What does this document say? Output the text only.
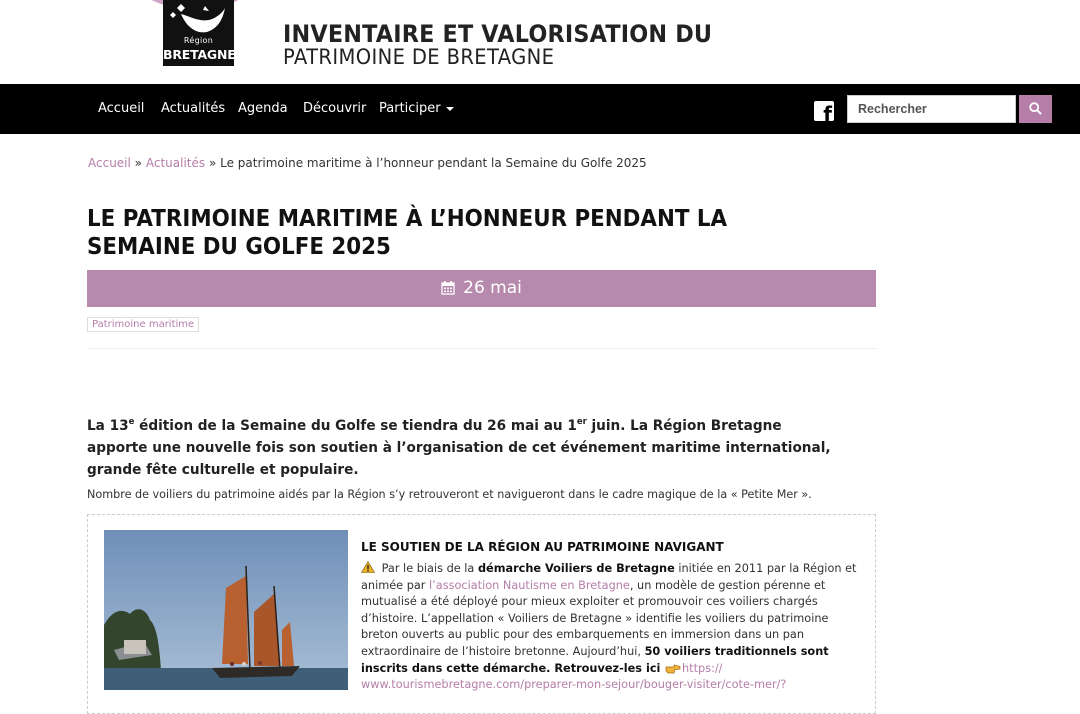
Région
BRETAGNE
INVENTAIRE ET VALORISATION DU
PATRIMOINE DE BRETAGNE
Accueil Actualités Agenda Découvrir Participer	f
Rechercher
Accueil » Actualités » Le patrimoine maritime à l’honneur pendant la Semaine du Golfe 2025
LE PATRIMOINE MARITIME À L’HONNEUR PENDANT LA SEMAINE DU GOLFE 2025
26 mai
Patrimoine maritime

La 13e édition de la Semaine du Golfe se tiendra du 26 mai au 1er juin. La Région Bretagne apporte une nouvelle fois son soutien à l’organisation de cet événement maritime international, grande fête culturelle et populaire.

Nombre de voiliers du patrimoine aidés par la Région s’y retrouveront et navigueront dans le cadre magique de la « Petite Mer ».

LE SOUTIEN DE LA RÉGION AU PATRIMOINE NAVIGANT
Par le biais de la démarche Voiliers de Bretagne initiée en 2011 par la Région et animée par l’association Nautisme en Bretagne, un modèle de gestion pérenne et mutualisé a été déployé pour mieux exploiter et promouvoir ces voiliers chargés d’histoire. L’appellation « Voiliers de Bretagne » identifie les voiliers du patrimoine breton ouverts au public pour des embarquements en immersion dans un pan extraordinaire de l’histoire bretonne. Aujourd’hui, 50 voiliers traditionnels sont inscrits dans cette démarche. Retrouvez-les ici https:// www.tourismebretagne.com/preparer-mon-sejour/bouger-visiter/cote-mer/?
